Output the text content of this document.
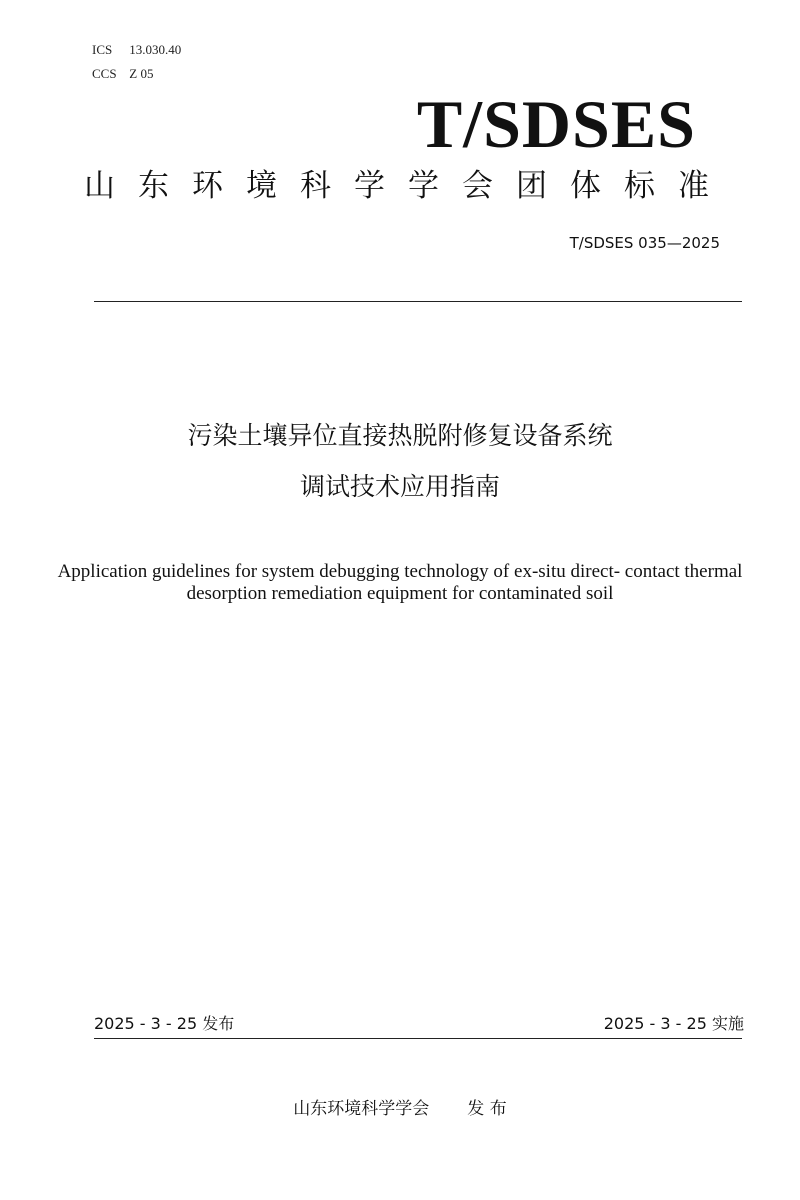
ICS 13.030.40
CCS Z 05
T/SDSES
山东环境科学学会团体标准
T/SDSES 035—2025
污染土壤异位直接热脱附修复设备系统
调试技术应用指南
Application guidelines for system debugging technology of ex-situ direct- contact thermal
desorption remediation equipment for contaminated soil
2025 - 3 - 25 发布	2025 - 3 - 25 实施
山东环境科学学会 发 布
